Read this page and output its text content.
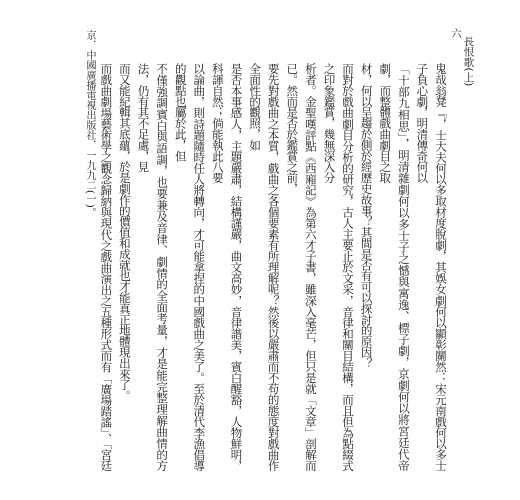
長恨歌(上)
六

鬼哉翁凳『，士大夫何以多取材度脫劇，其娛女劇何以顯彰關然：宋元南戲何以多士子負心劇，明清傳奇何以

「十部九相思」，明清雜劇何以多士子之憾與寓逸、標子劇，京劇何以將宮廷代帝劇，而整體戲曲劇目之取

材，何以呈趨於側於經歷史故事？其間是否有可以探討的原因？

而對於戲曲劇目分析的研究，古人主要止於文采，音律和關目結構，而且但為點綴式之印象鑑賞，幾無深入分

析者。金聖嘆評點《西廂記》為第六才子書，雖深入毫芒，但只是就「文章」剖解而已。然而是否於鑑賞之前，

要先對戲曲之本質，戲曲之各個要素有所理解呢？然後以嚴肅而不苟的態度對戲曲作全面性的觀照，如

是否本事感人，主題嚴肅，結構謹嚴，曲文高妙，音律諧美，賓白醒豁，人物鮮明，科諢自然；倘能執此八要

以論曲，則詩題隨時任人將轉向，才可能拿捏的中國戲曲之美了。至於清代李漁倡導的觀點也屬於此，但

不僅強調賓白與語調，也要兼及音律、劇情的全面考量，才是能完整理解曲情的方法，仍有其不足處，見

而又能紀輯其底蘊，於是劇作的價值和成就也才能真正地體現出來了。

而戲曲劇場藝術學之觀念歸納與現代之戲曲演出之五種形式而有「廣場踏謠」、「宮廷

京．中國廣播電視出版社．一九九二(一)。
